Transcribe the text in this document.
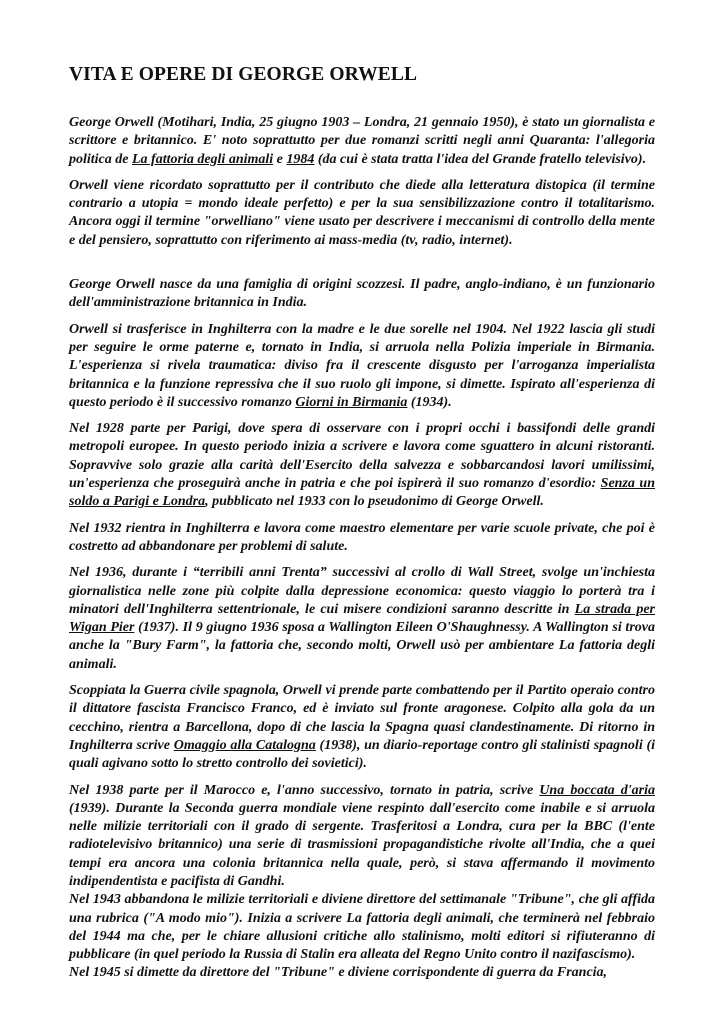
VITA E OPERE DI GEORGE ORWELL

George Orwell (Motihari, India, 25 giugno 1903 – Londra, 21 gennaio 1950), è stato un giornalista e scrittore e britannico. E' noto soprattutto per due romanzi scritti negli anni Quaranta: l'allegoria politica de La fattoria degli animali e 1984 (da cui è stata tratta l'idea del Grande fratello televisivo).

Orwell viene ricordato soprattutto per il contributo che diede alla letteratura distopica (il termine contrario a utopia = mondo ideale perfetto) e per la sua sensibilizzazione contro il totalitarismo. Ancora oggi il termine "orwelliano" viene usato per descrivere i meccanismi di controllo della mente e del pensiero, soprattutto con riferimento ai mass-media (tv, radio, internet).

George Orwell nasce da una famiglia di origini scozzesi. Il padre, anglo-indiano, è un funzionario dell'amministrazione britannica in India.

Orwell si trasferisce in Inghilterra con la madre e le due sorelle nel 1904. Nel 1922 lascia gli studi per seguire le orme paterne e, tornato in India, si arruola nella Polizia imperiale in Birmania. L'esperienza si rivela traumatica: diviso fra il crescente disgusto per l'arroganza imperialista britannica e la funzione repressiva che il suo ruolo gli impone, si dimette. Ispirato all'esperienza di questo periodo è il successivo romanzo Giorni in Birmania (1934).

Nel 1928 parte per Parigi, dove spera di osservare con i propri occhi i bassifondi delle grandi metropoli europee. In questo periodo inizia a scrivere e lavora come sguattero in alcuni ristoranti. Sopravvive solo grazie alla carità dell'Esercito della salvezza e sobbarcandosi lavori umilissimi, un'esperienza che proseguirà anche in patria e che poi ispirerà il suo romanzo d'esordio: Senza un soldo a Parigi e Londra, pubblicato nel 1933 con lo pseudonimo di George Orwell.

Nel 1932 rientra in Inghilterra e lavora come maestro elementare per varie scuole private, che poi è costretto ad abbandonare per problemi di salute.

Nel 1936, durante i “terribili anni Trenta” successivi al crollo di Wall Street, svolge un'inchiesta giornalistica nelle zone più colpite dalla depressione economica: questo viaggio lo porterà tra i minatori dell'Inghilterra settentrionale, le cui misere condizioni saranno descritte in La strada per Wigan Pier (1937). Il 9 giugno 1936 sposa a Wallington Eileen O'Shaughnessy. A Wallington si trova anche la "Bury Farm", la fattoria che, secondo molti, Orwell usò per ambientare La fattoria degli animali.

Scoppiata la Guerra civile spagnola, Orwell vi prende parte combattendo per il Partito operaio contro il dittatore fascista Francisco Franco, ed è inviato sul fronte aragonese. Colpito alla gola da un cecchino, rientra a Barcellona, dopo di che lascia la Spagna quasi clandestinamente. Di ritorno in Inghilterra scrive Omaggio alla Catalogna (1938), un diario-reportage contro gli stalinisti spagnoli (i quali agivano sotto lo stretto controllo dei sovietici).

Nel 1938 parte per il Marocco e, l'anno successivo, tornato in patria, scrive Una boccata d'aria (1939). Durante la Seconda guerra mondiale viene respinto dall'esercito come inabile e si arruola nelle milizie territoriali con il grado di sergente. Trasferitosi a Londra, cura per la BBC (l'ente radiotelevisivo britannico) una serie di trasmissioni propagandistiche rivolte all'India, che a quei tempi era ancora una colonia britannica nella quale, però, si stava affermando il movimento indipendentista e pacifista di Gandhi.

Nel 1943 abbandona le milizie territoriali e diviene direttore del settimanale "Tribune", che gli affida una rubrica ("A modo mio"). Inizia a scrivere La fattoria degli animali, che terminerà nel febbraio del 1944 ma che, per le chiare allusioni critiche allo stalinismo, molti editori si rifiuteranno di pubblicare (in quel periodo la Russia di Stalin era alleata del Regno Unito contro il nazifascismo).

Nel 1945 si dimette da direttore del "Tribune" e diviene corrispondente di guerra da Francia,
